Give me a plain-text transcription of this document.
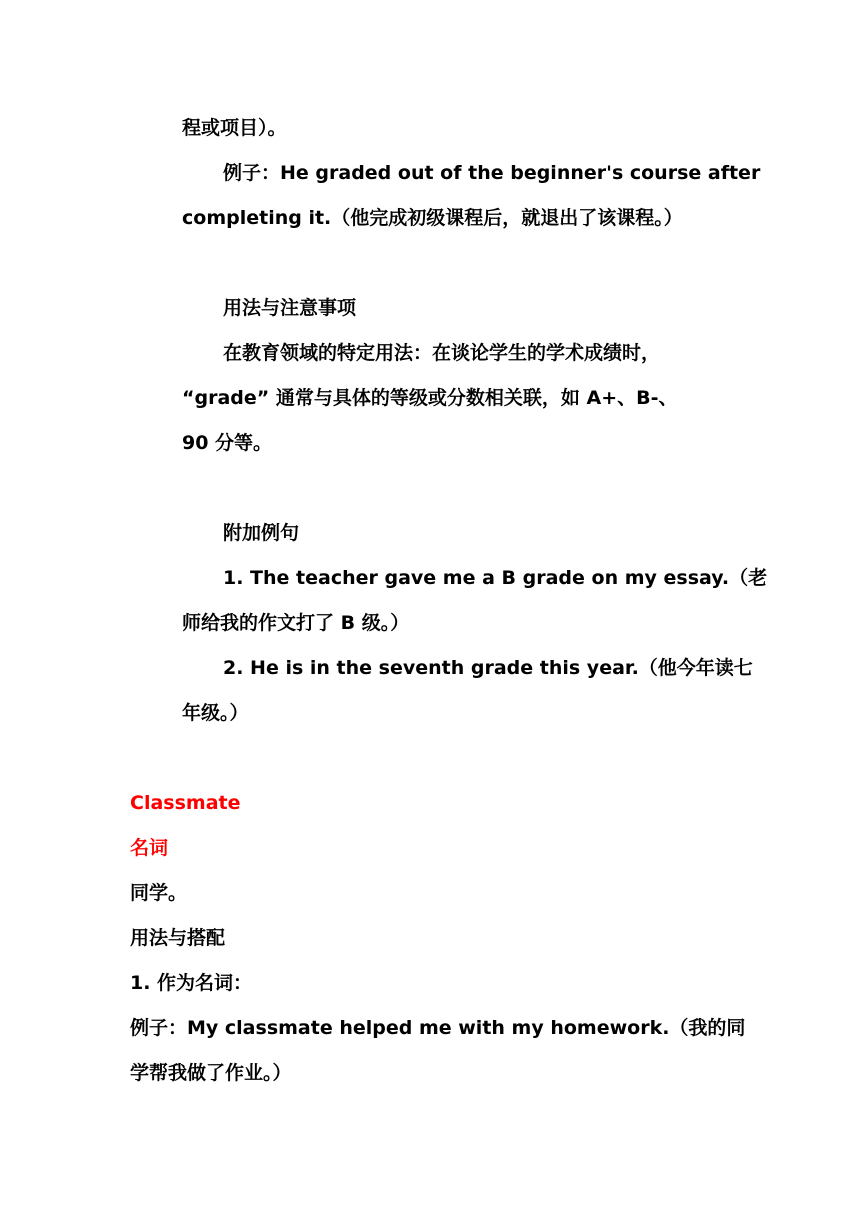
程或项目）。
例子：He graded out of the beginner's course after
completing it.（他完成初级课程后，就退出了该课程。）
用法与注意事项
在教育领域的特定用法：在谈论学生的学术成绩时，
“grade” 通常与具体的等级或分数相关联，如 A+、B-、
90 分等。
附加例句
1. The teacher gave me a B grade on my essay.（老
师给我的作文打了 B 级。）
2. He is in the seventh grade this year.（他今年读七
年级。）
Classmate
名词
同学。
用法与搭配
1. 作为名词：
例子：My classmate helped me with my homework.（我的同
学帮我做了作业。）
